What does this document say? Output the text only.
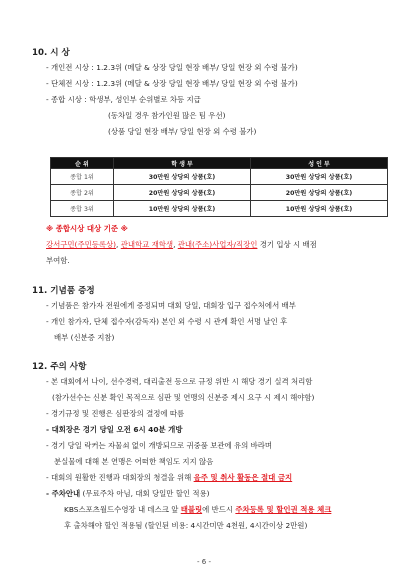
10. 시 상
- 개인전 시상 : 1.2.3위 (메달 & 상장 당일 현장 배부/ 당일 현장 외 수령 불가)
- 단체전 시상 : 1.2.3위 (메달 & 상장 당일 현장 배부/ 당일 현장 외 수령 불가)
- 종합 시상 : 학생부, 성인부 순위별로 차등 지급
(동차일 경우 참가인원 많은 팀 우선)
(상품 당일 현장 배부/ 당일 현장 외 수령 불가)
순 위	학 생 부	성 인 부
종합 1위	30만원 상당의 상품(호)	30만원 상당의 상품(호)
종합 2위	20만원 상당의 상품(호)	20만원 상당의 상품(호)
종합 3위	10만원 상당의 상품(호)	10만원 상당의 상품(호)
※ 종합시상 대상 기준 ※
강서구민(주민등록상), 관내학교 재학생, 관내(주소)사업자/직장인 경기 입상 시 배점
부여함.
11. 기념품 증정
- 기념품은 참가자 전원에게 증정되며 대회 당일, 대회장 입구 접수처에서 배부
- 개인 참가자, 단체 접수자(감독자) 본인 외 수령 시 관계 확인 서명 날인 후
배부 (신분증 지참)
12. 주의 사항
- 본 대회에서 나이, 선수경력, 대리출전 등으로 규정 위반 시 해당 경기 실격 처리함
(참가선수는 신분 확인 목적으로 심판 및 연맹의 신분증 제시 요구 시 제시 해야함)
- 경기규정 및 진행은 심판장의 결정에 따름
- 대회장은 경기 당일 오전 6시 40분 개방
- 경기 당일 락커는 자물쇠 없이 개방되므로 귀중품 보관에 유의 바라며
분실물에 대해 본 연맹은 어떠한 책임도 지지 않음
- 대회의 원활한 진행과 대회장의 청결을 위해 음주 및 취사 활동은 절대 금지
- 주차안내 (무료주차 아님, 대회 당일만 할인 적용)
KBS스포츠월드수영장 내 데스크 앞 태블릿에 반드시 주차등록 및 할인권 적용 체크
후 출차해야 할인 적용됨 (할인된 비용: 4시간미만 4천원, 4시간이상 2만원)
- 6 -
